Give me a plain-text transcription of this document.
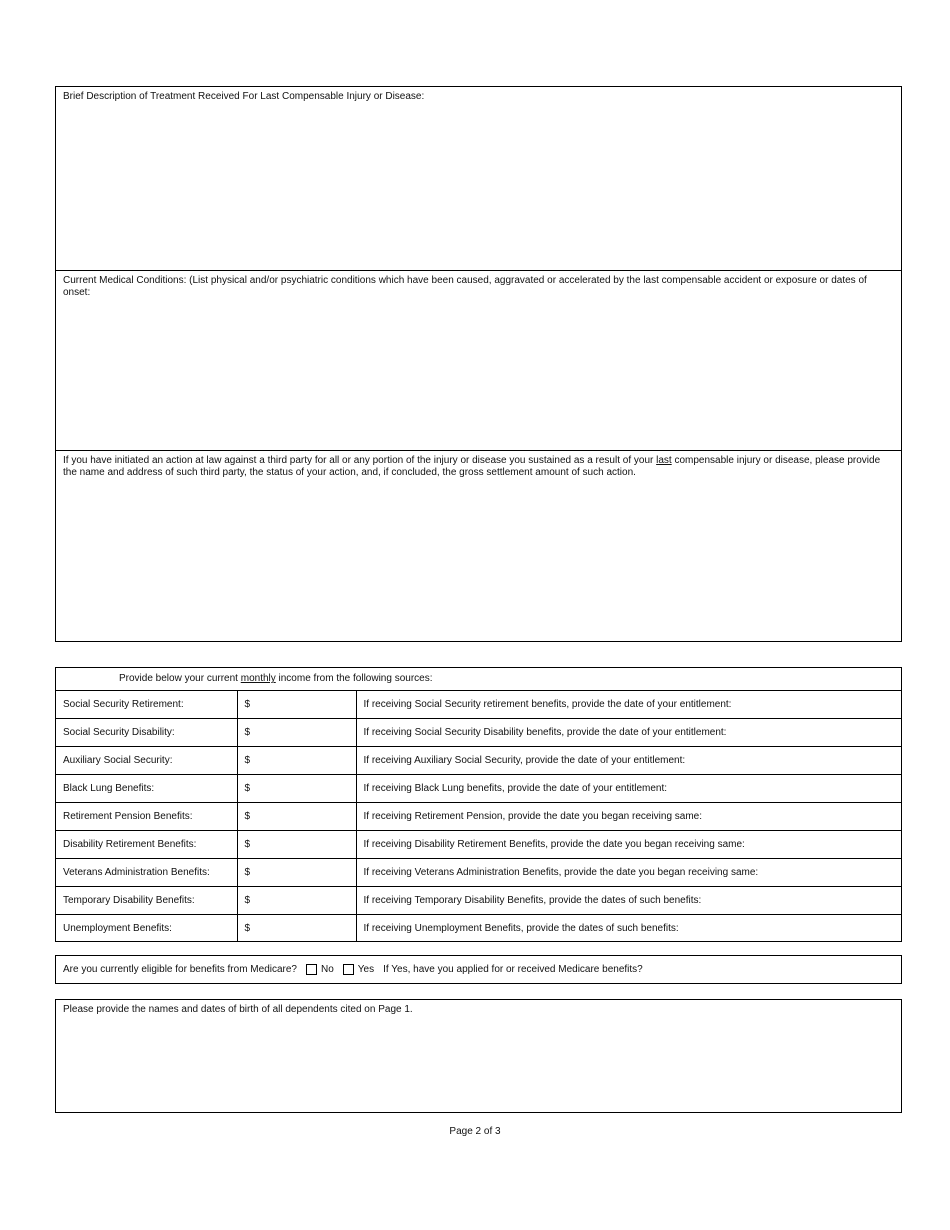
Brief Description of Treatment Received For Last Compensable Injury or Disease:
Current Medical Conditions: (List physical and/or psychiatric conditions which have been caused, aggravated or accelerated by the last compensable accident or exposure or dates of onset:
If you have initiated an action at law against a third party for all or any portion of the injury or disease you sustained as a result of your last compensable injury or disease, please provide the name and address of such third party, the status of your action, and, if concluded, the gross settlement amount of such action.
Provide below your current monthly income from the following sources:		
Social Security Retirement:	$	If receiving Social Security retirement benefits, provide the date of your entitlement:
Social Security Disability:	$	If receiving Social Security Disability benefits, provide the date of your entitlement:
Auxiliary Social Security:	$	If receiving Auxiliary Social Security, provide the date of your entitlement:
Black Lung Benefits:	$	If receiving Black Lung benefits, provide the date of your entitlement:
Retirement Pension Benefits:	$	If receiving Retirement Pension, provide the date you began receiving same:
Disability Retirement Benefits:	$	If receiving Disability Retirement Benefits, provide the date you began receiving same:
Veterans Administration Benefits:	$	If receiving Veterans Administration Benefits, provide the date you began receiving same:
Temporary Disability Benefits:	$	If receiving Temporary Disability Benefits, provide the dates of such benefits:
Unemployment Benefits:	$	If receiving Unemployment Benefits, provide the dates of such benefits:
Are you currently eligible for benefits from Medicare? No Yes If Yes, have you applied for or received Medicare benefits?
Please provide the names and dates of birth of all dependents cited on Page 1.
Page 2 of 3
